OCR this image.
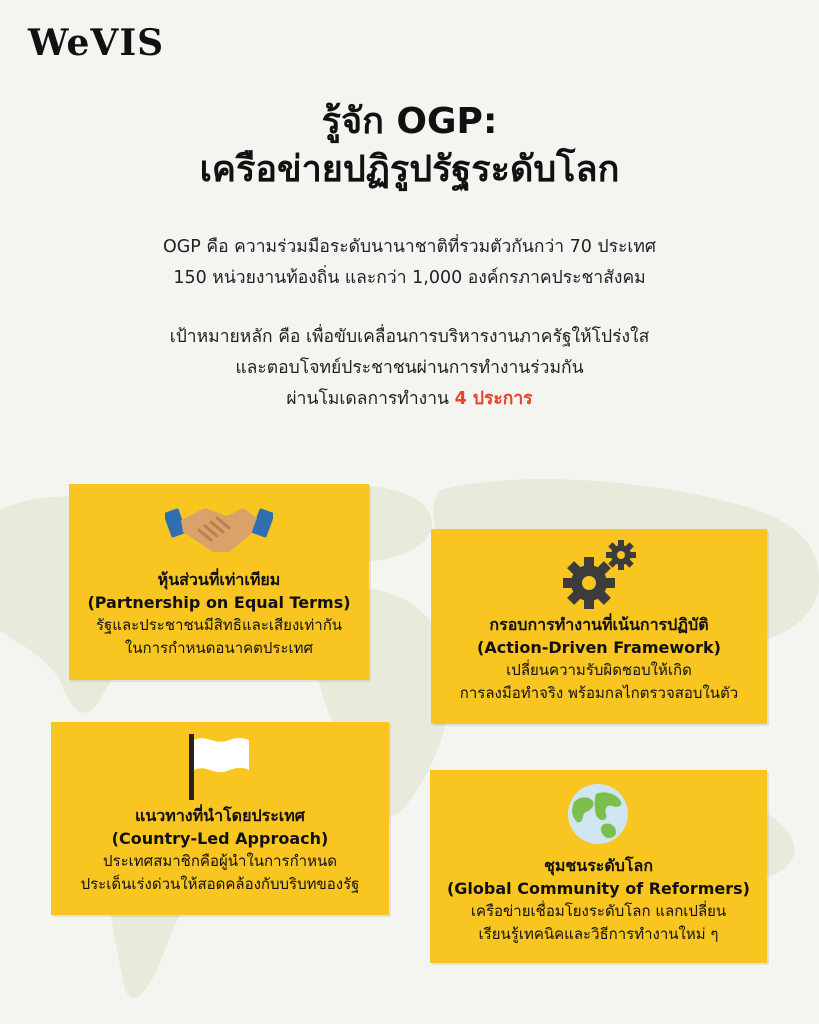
WeVIS
รู้จัก OGP:
เครือข่ายปฏิรูปรัฐระดับโลก
OGP คือ ความร่วมมือระดับนานาชาติที่รวมตัวกันกว่า 70 ประเทศ
150 หน่วยงานท้องถิ่น และกว่า 1,000 องค์กรภาคประชาสังคม
เป้าหมายหลัก คือ เพื่อขับเคลื่อนการบริหารงานภาครัฐให้โปร่งใส
และตอบโจทย์ประชาชนผ่านการทำงานร่วมกัน
ผ่านโมเดลการทำงาน 4 ประการ
หุ้นส่วนที่เท่าเทียม
(Partnership on Equal Terms)
รัฐและประชาชนมีสิทธิและเสียงเท่ากัน
ในการกำหนดอนาคตประเทศ
กรอบการทำงานที่เน้นการปฏิบัติ
(Action-Driven Framework)
เปลี่ยนความรับผิดชอบให้เกิด
การลงมือทำจริง พร้อมกลไกตรวจสอบในตัว
แนวทางที่นำโดยประเทศ
(Country-Led Approach)
ประเทศสมาชิกคือผู้นำในการกำหนด
ประเด็นเร่งด่วนให้สอดคล้องกับบริบทของรัฐ
ชุมชนระดับโลก
(Global Community of Reformers)
เครือข่ายเชื่อมโยงระดับโลก แลกเปลี่ยน
เรียนรู้เทคนิคและวิธีการทำงานใหม่ ๆ
